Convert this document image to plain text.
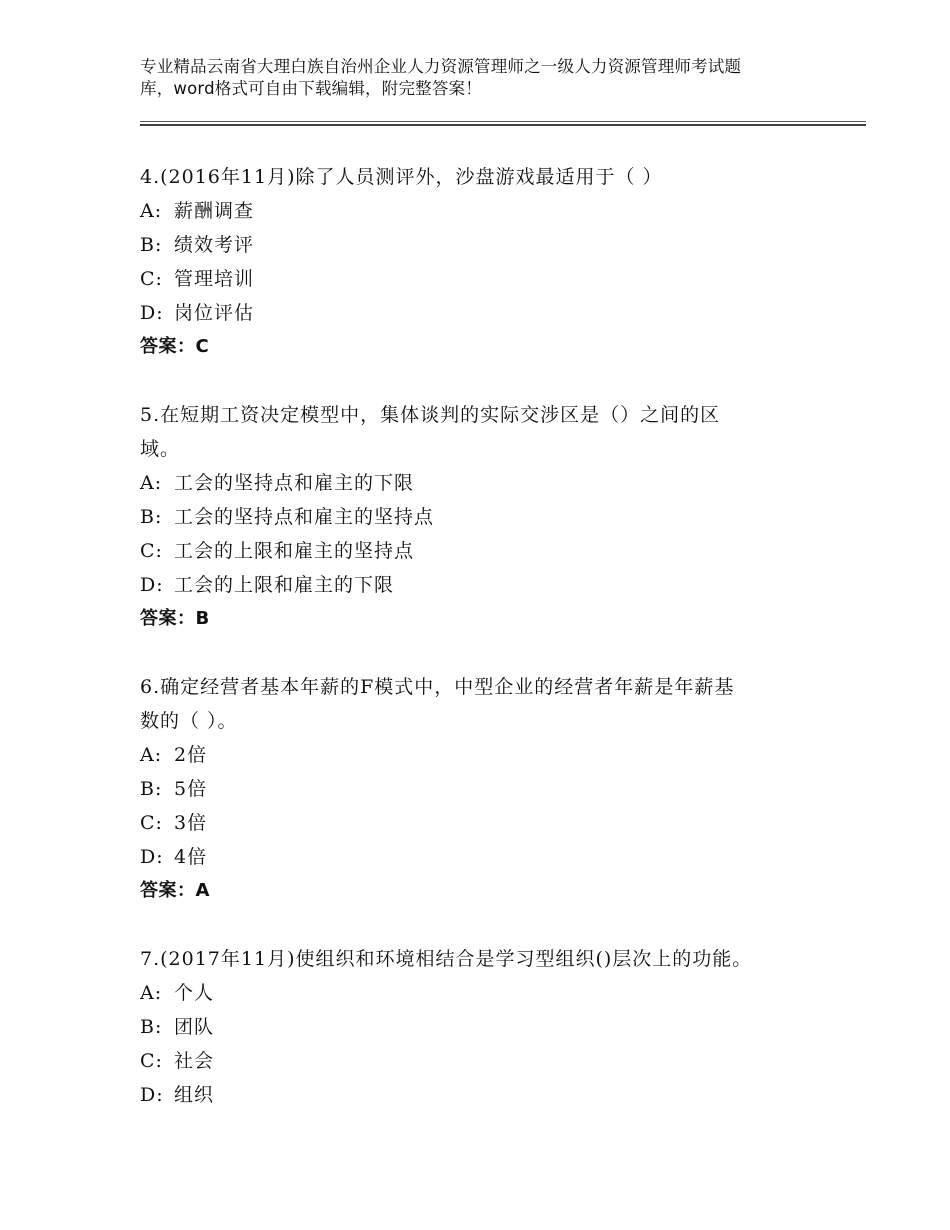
专业精品云南省大理白族自治州企业人力资源管理师之一级人力资源管理师考试题
库，word格式可自由下载编辑，附完整答案！
4.(2016年11月)除了人员测评外，沙盘游戏最适用于（ ）
A: 薪酬调查
B: 绩效考评
C: 管理培训
D: 岗位评估
答案：C
5.在短期工资决定模型中，集体谈判的实际交涉区是（）之间的区
域。
A: 工会的坚持点和雇主的下限
B: 工会的坚持点和雇主的坚持点
C: 工会的上限和雇主的坚持点
D: 工会的上限和雇主的下限
答案：B
6.确定经营者基本年薪的F模式中，中型企业的经营者年薪是年薪基
数的（ ）。
A: 2倍
B: 5倍
C: 3倍
D: 4倍
答案：A
7.(2017年11月)使组织和环境相结合是学习型组织()层次上的功能。
A: 个人
B: 团队
C: 社会
D: 组织
